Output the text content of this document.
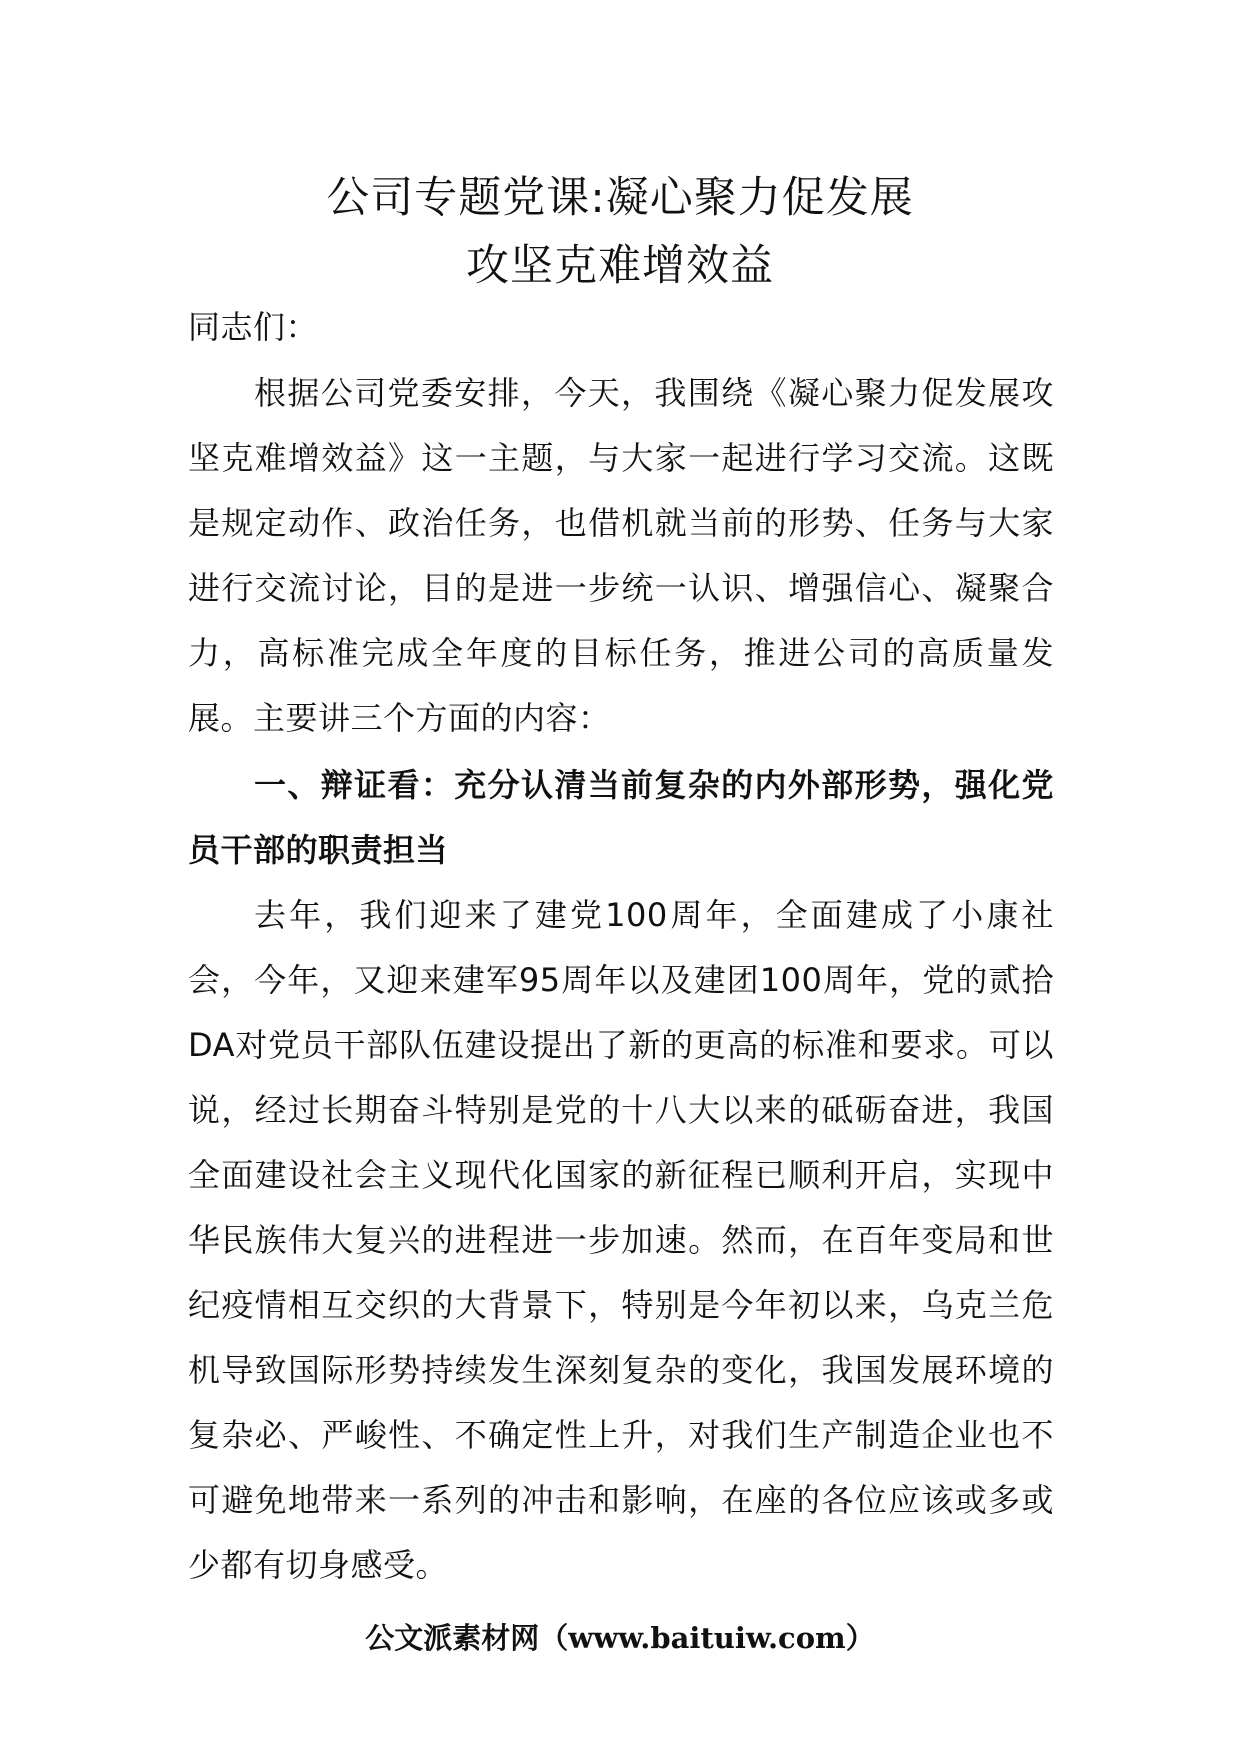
公司专题党课:凝心聚力促发展
攻坚克难增效益
同志们：
根据公司党委安排，今天，我围绕《凝心聚力促发展攻坚克难增效益》这一主题，与大家一起进行学习交流。这既是规定动作、政治任务，也借机就当前的形势、任务与大家进行交流讨论，目的是进一步统一认识、增强信心、凝聚合力，高标准完成全年度的目标任务，推进公司的高质量发展。主要讲三个方面的内容：
一、辩证看：充分认清当前复杂的内外部形势，强化党员干部的职责担当
去年，我们迎来了建党100周年，全面建成了小康社会，今年，又迎来建军95周年以及建团100周年，党的贰拾DA对党员干部队伍建设提出了新的更高的标准和要求。可以说，经过长期奋斗特别是党的十八大以来的砥砺奋进，我国全面建设社会主义现代化国家的新征程已顺利开启，实现中华民族伟大复兴的进程进一步加速。然而，在百年变局和世纪疫情相互交织的大背景下，特别是今年初以来，乌克兰危机导致国际形势持续发生深刻复杂的变化，我国发展环境的复杂必、严峻性、不确定性上升，对我们生产制造企业也不可避免地带来一系列的冲击和影响，在座的各位应该或多或少都有切身感受。
公文派素材网（www.baituiw.com）
